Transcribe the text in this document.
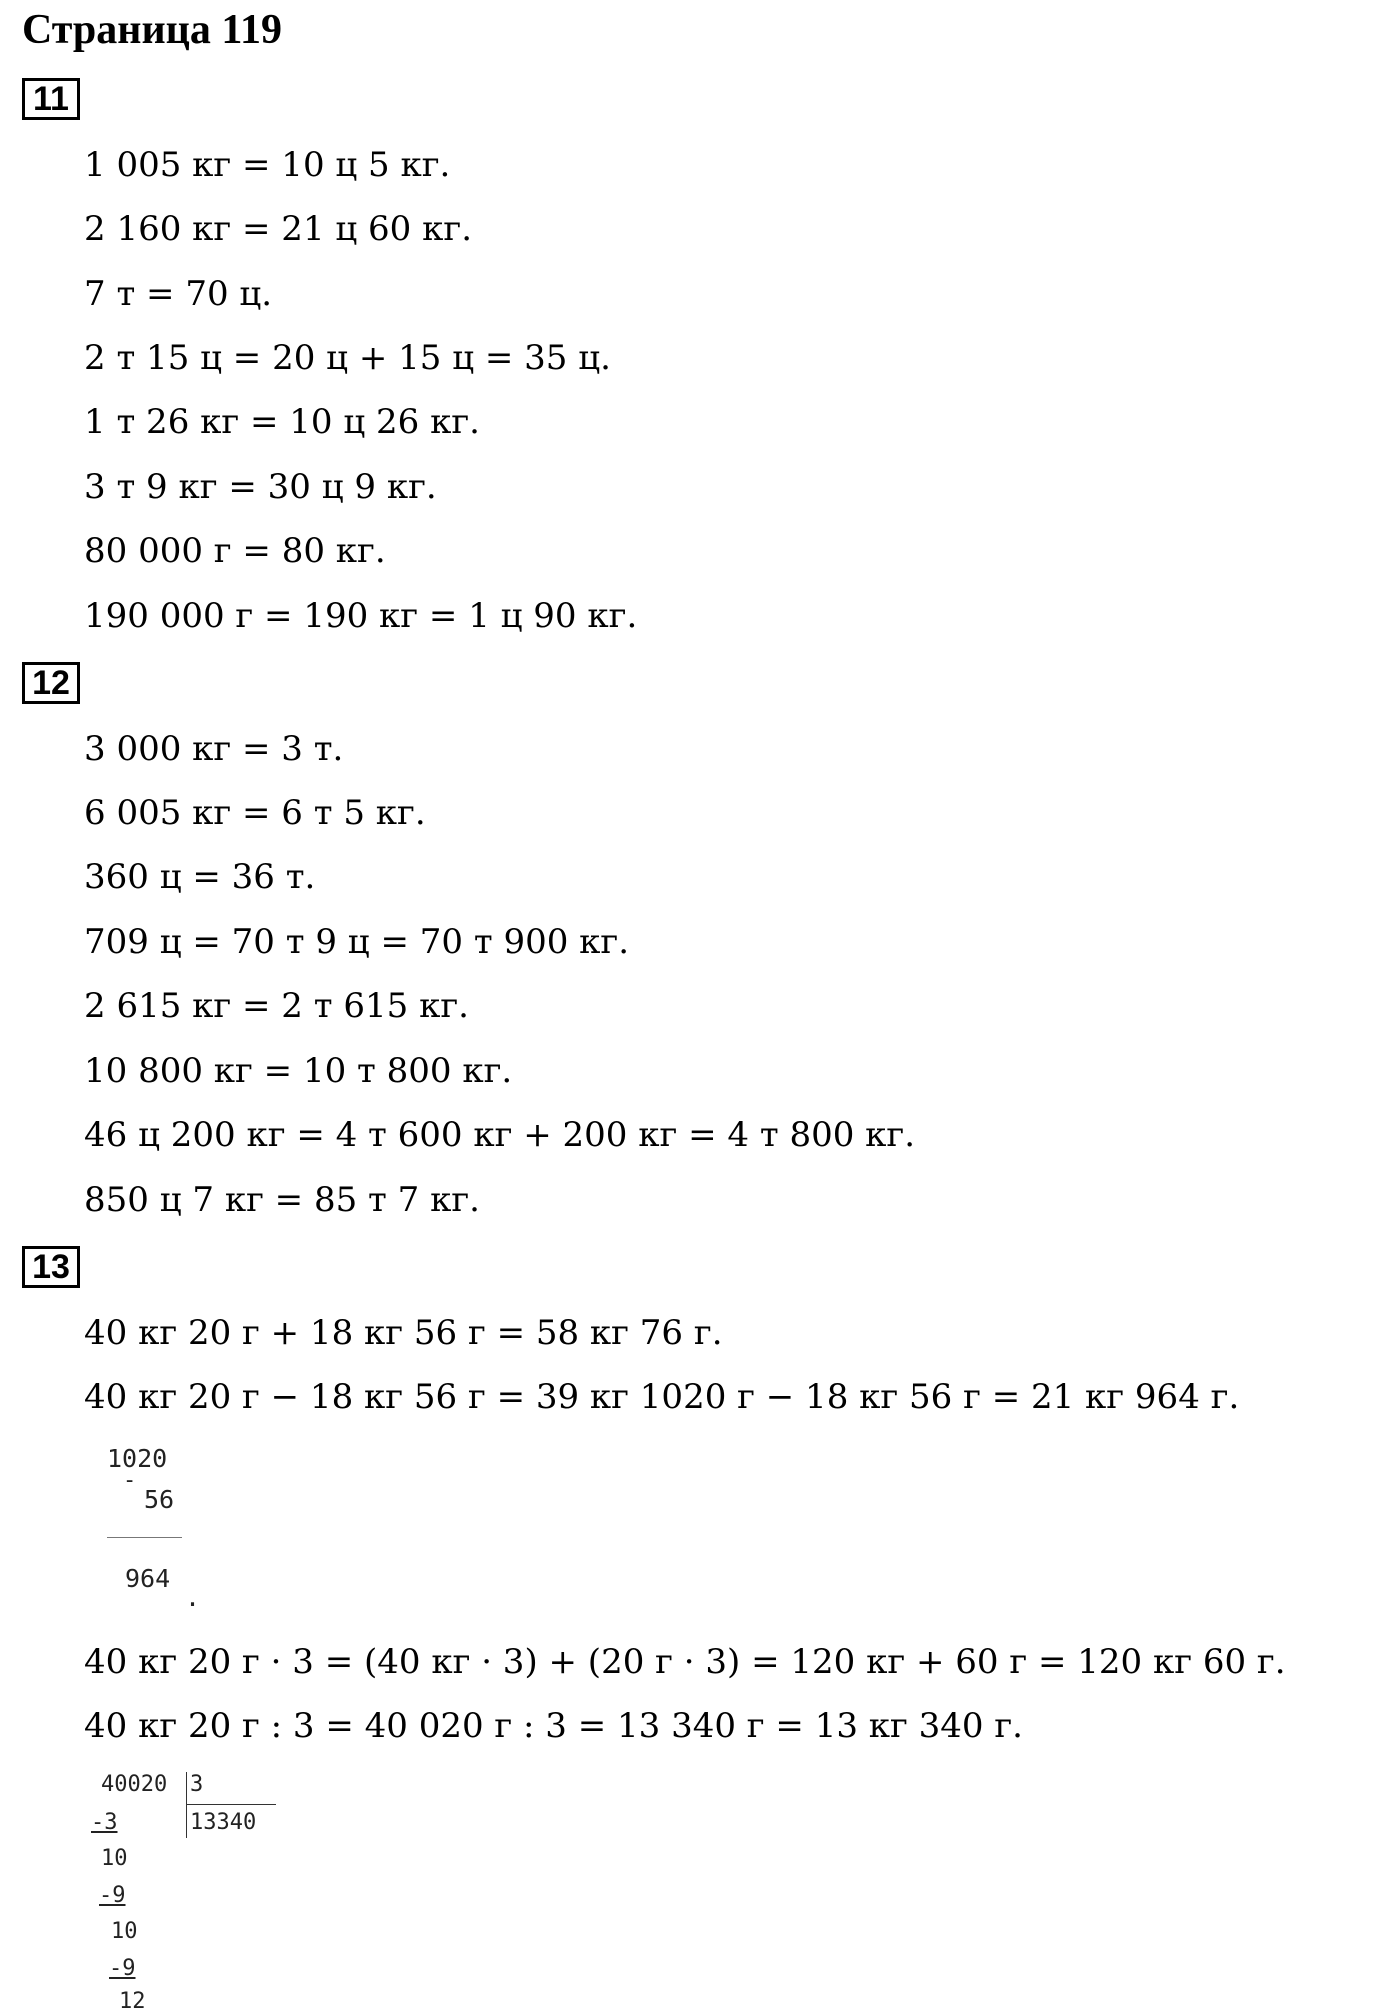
Страница 119
11
1 005 кг = 10 ц 5 кг.
2 160 кг = 21 ц 60 кг.
7 т = 70 ц.
2 т 15 ц = 20 ц + 15 ц = 35 ц.
1 т 26 кг = 10 ц 26 кг.
3 т 9 кг = 30 ц 9 кг.
80 000 г = 80 кг.
190 000 г = 190 кг = 1 ц 90 кг.
12
3 000 кг = 3 т.
6 005 кг = 6 т 5 кг.
360 ц = 36 т.
709 ц = 70 т 9 ц = 70 т 900 кг.
2 615 кг = 2 т 615 кг.
10 800 кг = 10 т 800 кг.
46 ц 200 кг = 4 т 600 кг + 200 кг = 4 т 800 кг.
850 ц 7 кг = 85 т 7 кг.
13
40 кг 20 г + 18 кг 56 г = 58 кг 76 г.
40 кг 20 г − 18 кг 56 г = 39 кг 1020 г − 18 кг 56 г = 21 кг 964 г.
1020
-
56
964
.
40 кг 20 г · 3 = (40 кг · 3) + (20 г · 3) = 120 кг + 60 г = 120 кг 60 г.
40 кг 20 г : 3 = 40 020 г : 3 = 13 340 г = 13 кг 340 г.
40020 3
13340
-3
10
-9
10
-9
12
